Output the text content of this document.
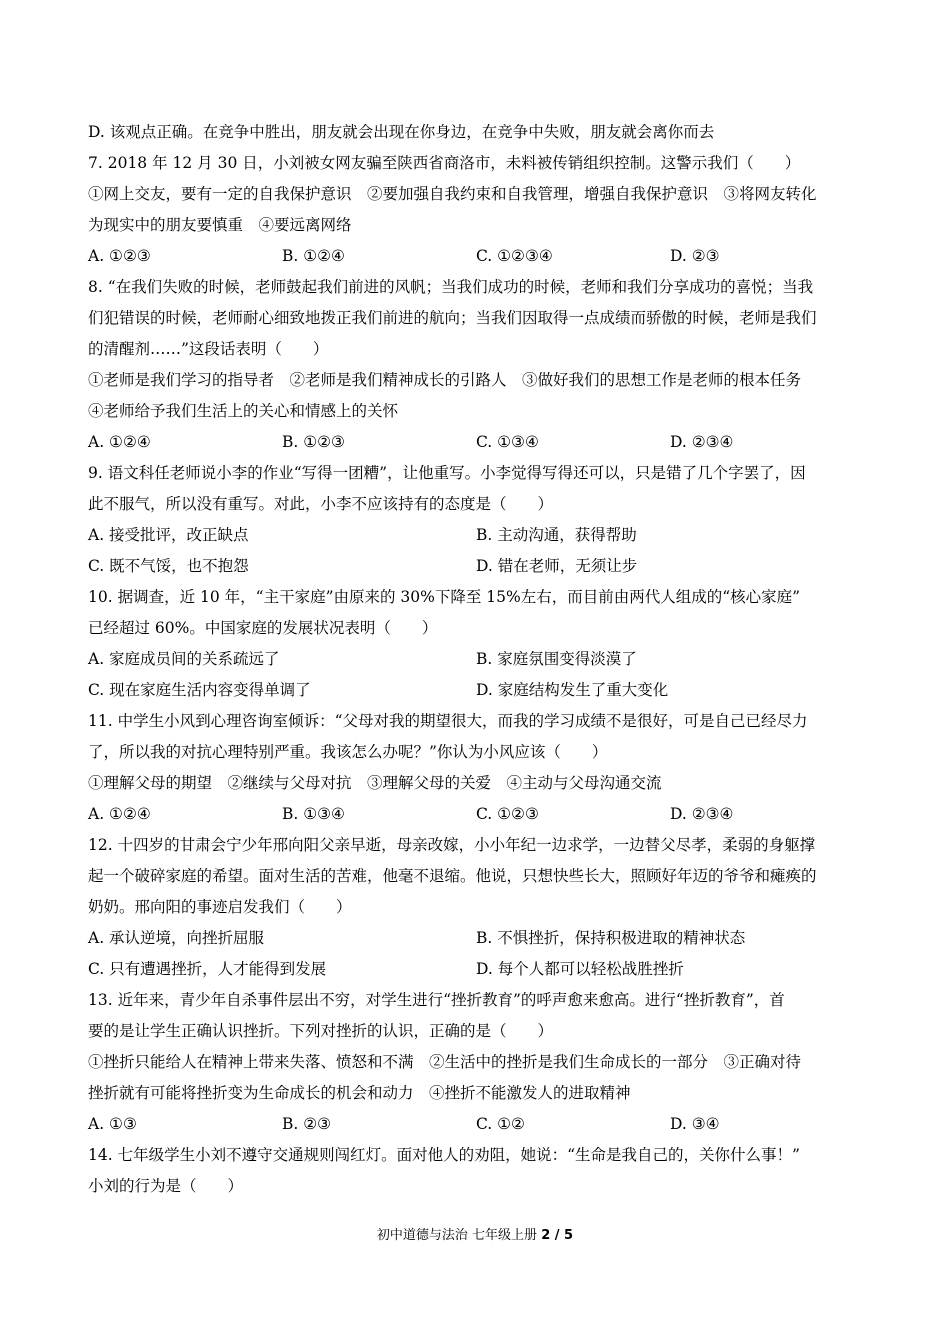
D. 该观点正确。在竞争中胜出，朋友就会出现在你身边，在竞争中失败，朋友就会离你而去
7. 2018 年 12 月 30 日，小刘被女网友骗至陕西省商洛市，未料被传销组织控制。这警示我们（　　）
①网上交友，要有一定的自我保护意识　②要加强自我约束和自我管理，增强自我保护意识　③将网友转化
为现实中的朋友要慎重　④要远离网络
A. ①②③	B. ①②④	C. ①②③④	D. ②③
8. “在我们失败的时候，老师鼓起我们前进的风帆；当我们成功的时候，老师和我们分享成功的喜悦；当我
们犯错误的时候，老师耐心细致地拨正我们前进的航向；当我们因取得一点成绩而骄傲的时候，老师是我们
的清醒剂……”这段话表明（　　）
①老师是我们学习的指导者　②老师是我们精神成长的引路人　③做好我们的思想工作是老师的根本任务
④老师给予我们生活上的关心和情感上的关怀
A. ①②④	B. ①②③	C. ①③④	D. ②③④
9. 语文科任老师说小李的作业“写得一团糟”，让他重写。小李觉得写得还可以，只是错了几个字罢了，因
此不服气，所以没有重写。对此，小李不应该持有的态度是（　　）
A. 接受批评，改正缺点	B. 主动沟通，获得帮助
C. 既不气馁，也不抱怨	D. 错在老师，无须让步
10. 据调查，近 10 年，“主干家庭”由原来的 30%下降至 15%左右，而目前由两代人组成的“核心家庭”
已经超过 60%。中国家庭的发展状况表明（　　）
A. 家庭成员间的关系疏远了	B. 家庭氛围变得淡漠了
C. 现在家庭生活内容变得单调了	D. 家庭结构发生了重大变化
11. 中学生小风到心理咨询室倾诉：“父母对我的期望很大，而我的学习成绩不是很好，可是自己已经尽力
了，所以我的对抗心理特别严重。我该怎么办呢？”你认为小风应该（　　）
①理解父母的期望　②继续与父母对抗　③理解父母的关爱　④主动与父母沟通交流
A. ①②④	B. ①③④	C. ①②③	D. ②③④
12. 十四岁的甘肃会宁少年邢向阳父亲早逝，母亲改嫁，小小年纪一边求学，一边替父尽孝，柔弱的身躯撑
起一个破碎家庭的希望。面对生活的苦难，他毫不退缩。他说，只想快些长大，照顾好年迈的爷爷和瘫痪的
奶奶。邢向阳的事迹启发我们（　　）
A. 承认逆境，向挫折屈服	B. 不惧挫折，保持积极进取的精神状态
C. 只有遭遇挫折，人才能得到发展	D. 每个人都可以轻松战胜挫折
13. 近年来，青少年自杀事件层出不穷，对学生进行“挫折教育”的呼声愈来愈高。进行“挫折教育”，首
要的是让学生正确认识挫折。下列对挫折的认识，正确的是（　　）
①挫折只能给人在精神上带来失落、愤怒和不满　②生活中的挫折是我们生命成长的一部分　③正确对待
挫折就有可能将挫折变为生命成长的机会和动力　④挫折不能激发人的进取精神
A. ①③	B. ②③	C. ①②	D. ③④
14. 七年级学生小刘不遵守交通规则闯红灯。面对他人的劝阻，她说：“生命是我自己的，关你什么事！”
小刘的行为是（　　）
初中道德与法治 七年级上册 2 / 5
